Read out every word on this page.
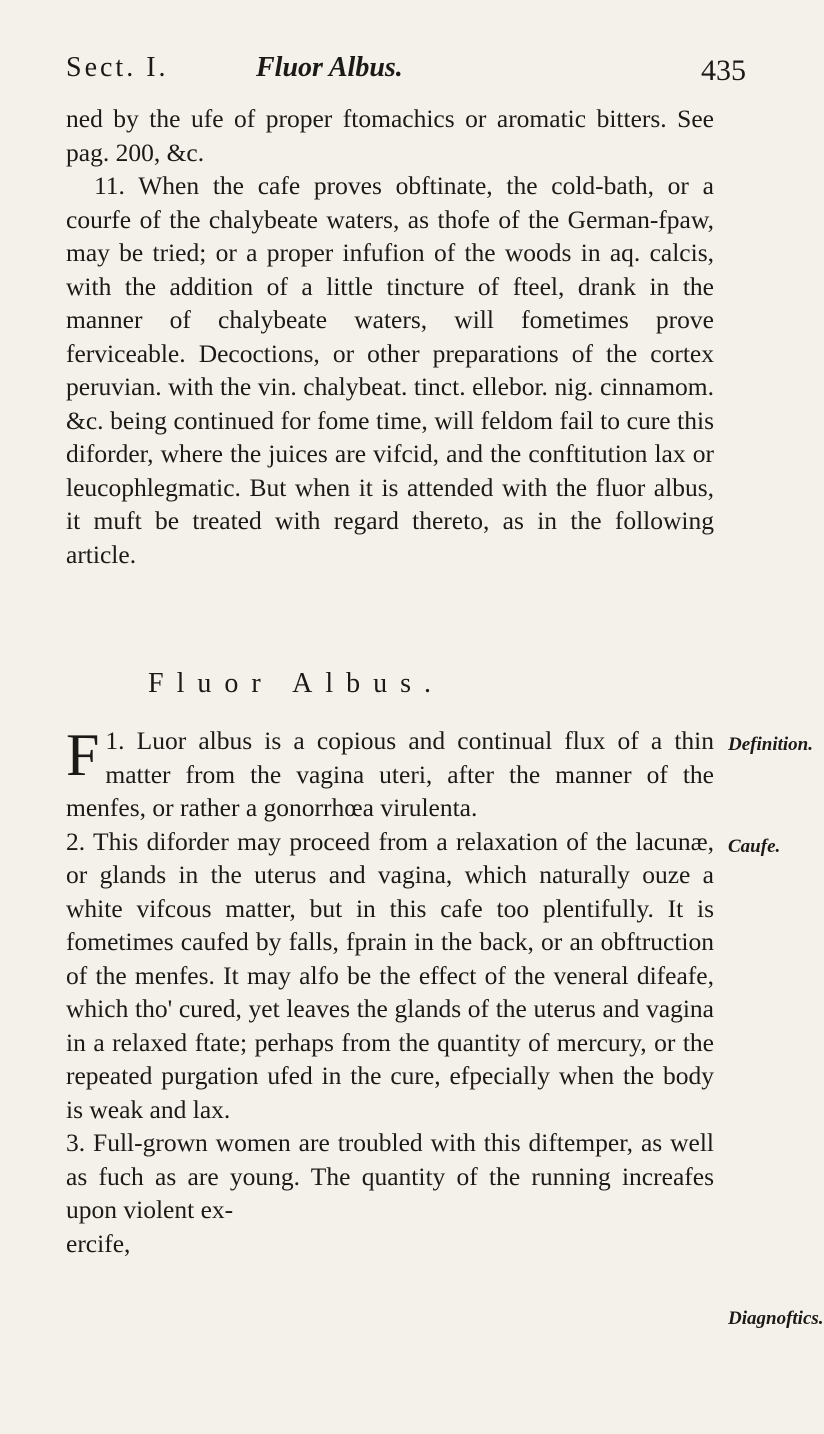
Sect. I.	Fluor Albus.	435

ned by the ufe of proper ftomachics or aromatic bitters. See pag. 200, &c.

11. When the cafe proves obftinate, the cold-bath, or a courfe of the chalybeate waters, as thofe of the German-fpaw, may be tried; or a proper infufion of the woods in aq. calcis, with the addition of a little tincture of fteel, drank in the manner of chalybeate waters, will fometimes prove ferviceable. Decoctions, or other preparations of the cortex peruvian. with the vin. chalybeat. tinct. ellebor. nig. cinnamom. &c. being continued for fome time, will feldom fail to cure this diforder, where the juices are vifcid, and the conftitution lax or leucophlegmatic. But when it is attended with the fluor albus, it muft be treated with regard thereto, as in the following article.

Fluor Albus.

1.
F Luor albus is a copious and continual flux of a thin matter from the vagina uteri, after the manner of the menfes, or rather a gonorrhœa virulenta.

2. This diforder may proceed from a relaxation of the lacunæ, or glands in the uterus and vagina, which naturally ouze a white vifcous matter, but in this cafe too plentifully. It is fometimes caufed by falls, fprain in the back, or an obftruction of the menfes. It may alfo be the effect of the veneral difeafe, which tho' cured, yet leaves the glands of the uterus and vagina in a relaxed ftate; perhaps from the quantity of mercury, or the repeated purgation ufed in the cure, efpecially when the body is weak and lax.

3. Full-grown women are troubled with this diftemper, as well as fuch as are young. The quantity of the running increafes upon violent ex-

ercife,

Definition.
Caufe.
Diagnoftics.
